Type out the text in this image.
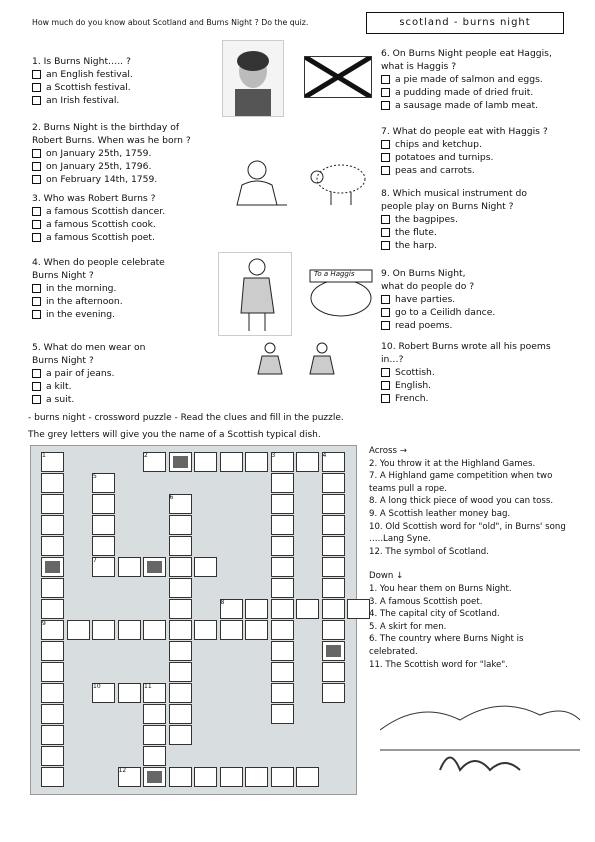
How much do you know about Scotland and Burns Night ? Do the quiz.	scotland - burns night
1. Is Burns Night….. ?
an English festival.
a Scottish festival.
an Irish festival.
2. Burns Night is the birthday of
Robert Burns. When was he born ?
on January 25th, 1759.
on January 25th, 1796.
on February 14th, 1759.
3. Who was Robert Burns ?
a famous Scottish dancer.
a famous Scottish cook.
a famous Scottish poet.
4. When do people celebrate
Burns Night ?
in the morning.
in the afternoon.
in the evening.
5. What do men wear on
Burns Night ?
a pair of jeans.
a kilt.
a suit.
6. On Burns Night people eat Haggis,
what is Haggis ?
a pie made of salmon and eggs.
a pudding made of dried fruit.
a sausage made of lamb meat.
7. What do people eat with Haggis ?
chips and ketchup.
potatoes and turnips.
peas and carrots.
8. Which musical instrument do
people play on Burns Night ?
the bagpipes.
the flute.
the harp.
9. On Burns Night,
what do people do ?
have parties.
go to a Ceilidh dance.
read poems.
10. Robert Burns wrote all his poems
in…?
Scottish.
English.
French.
To a Haggis
- burns night - crossword puzzle - Read the clues and fill in the puzzle.
The grey letters will give you the name of a Scottish typical dish.
1	2	3	4
5
6
7
8
9
10	11
12
Across →
2. You throw it at the Highland Games.
7. A Highland game competition when two teams pull a rope.
8. A long thick piece of wood you can toss.
9. A Scottish leather money bag.
10. Old Scottish word for "old", in Burns' song …..Lang Syne.
12. The symbol of Scotland.
Down ↓
1. You hear them on Burns Night.
3. A famous Scottish poet.
4. The capital city of Scotland.
5. A skirt for men.
6. The country where Burns Night is celebrated.
11. The Scottish word for "lake".
